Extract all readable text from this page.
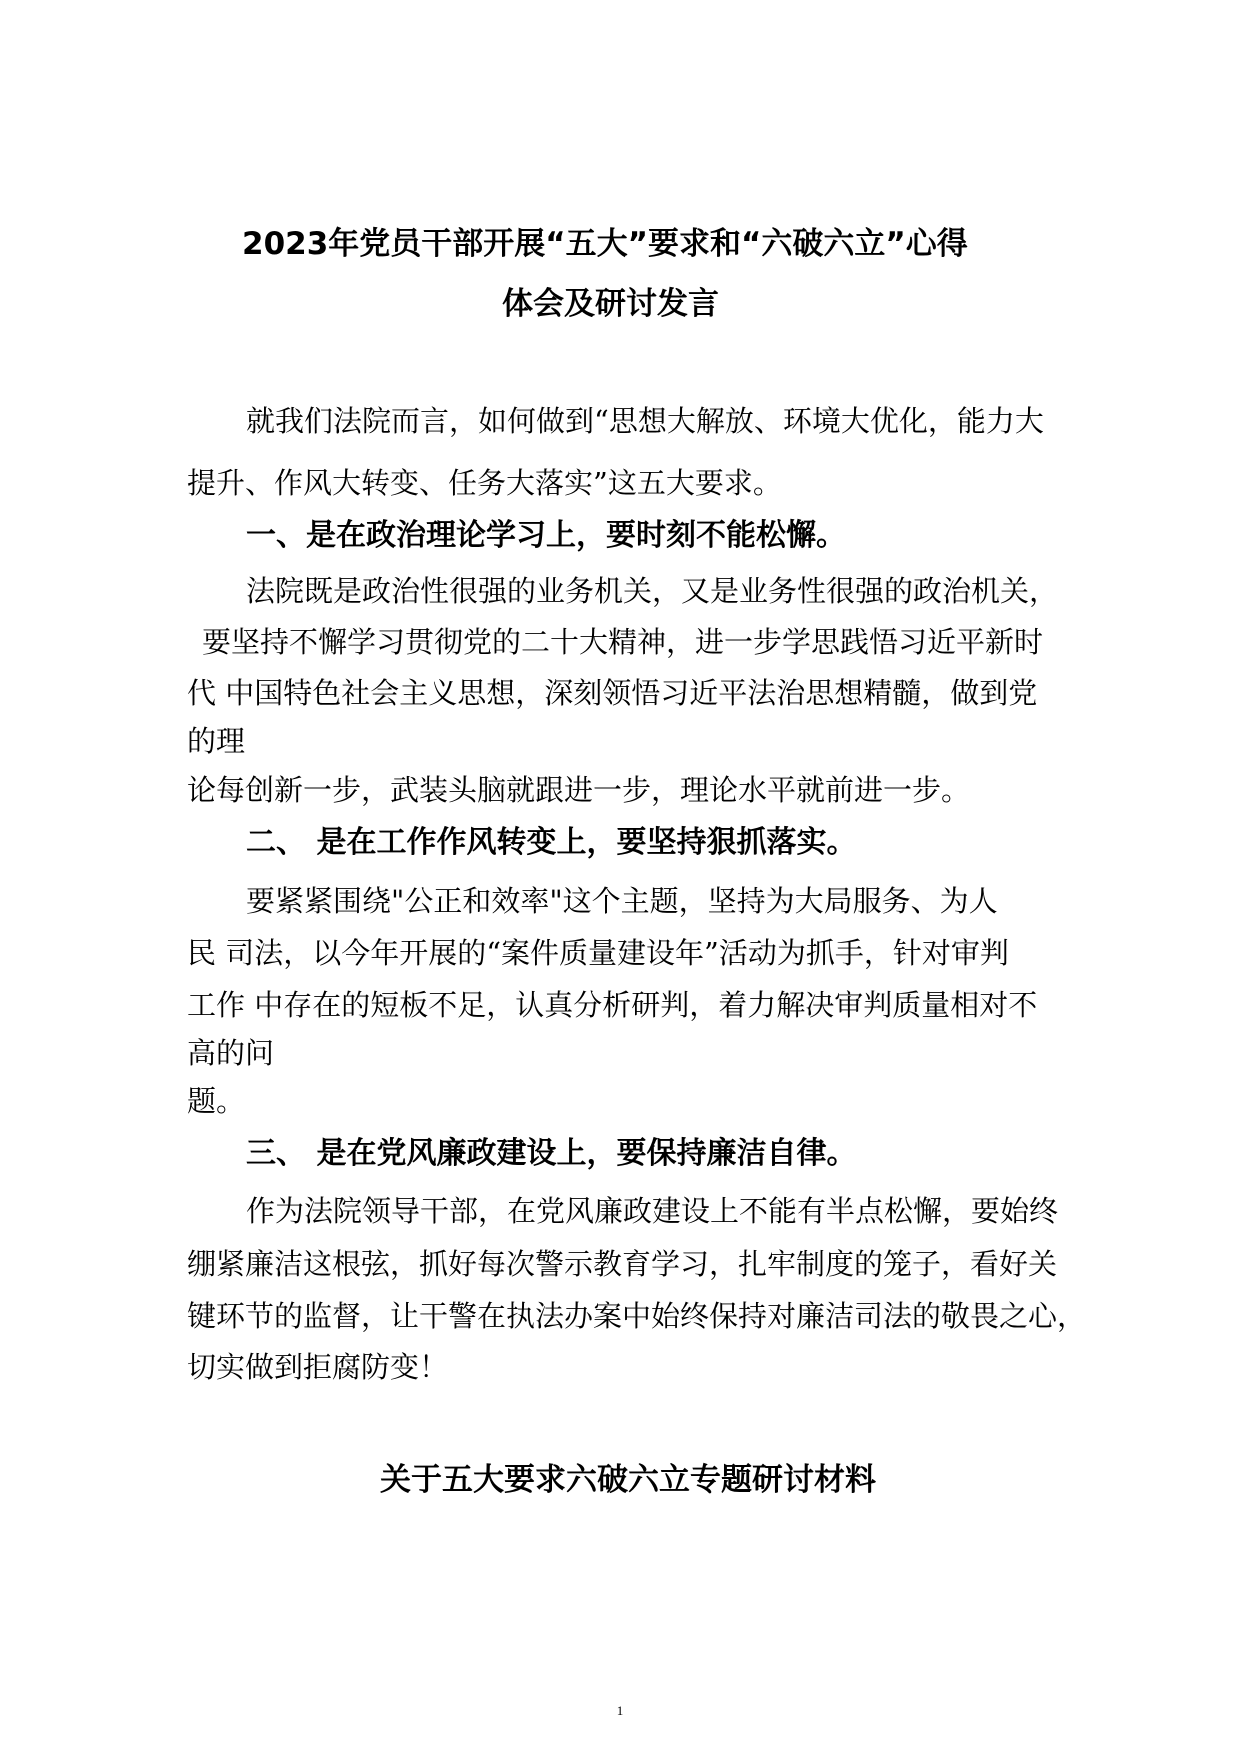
2023年党员干部开展“五大”要求和“六破六立”心得
体会及研讨发言
就我们法院而言，如何做到“思想大解放、环境大优化，能力大
提升、作风大转变、任务大落实”这五大要求。
一、是在政治理论学习上，要时刻不能松懈。
法院既是政治性很强的业务机关，又是业务性很强的政治机关，
要坚持不懈学习贯彻党的二十大精神，进一步学思践悟习近平新时
代 中国特色社会主义思想，深刻领悟习近平法治思想精髓，做到党
的理
论每创新一步，武装头脑就跟进一步，理论水平就前进一步。
二、 是在工作作风转变上，要坚持狠抓落实。
要紧紧围绕"公正和效率"这个主题，坚持为大局服务、为人
民 司法，以今年开展的“案件质量建设年”活动为抓手，针对审判
工作 中存在的短板不足，认真分析研判，着力解决审判质量相对不
高的问
题。
三、 是在党风廉政建设上，要保持廉洁自律。
作为法院领导干部，在党风廉政建设上不能有半点松懈，要始终
绷紧廉洁这根弦，抓好每次警示教育学习，扎牢制度的笼子，看好关
键环节的监督，让干警在执法办案中始终保持对廉洁司法的敬畏之心，
切实做到拒腐防变！
关于五大要求六破六立专题研讨材料
1
